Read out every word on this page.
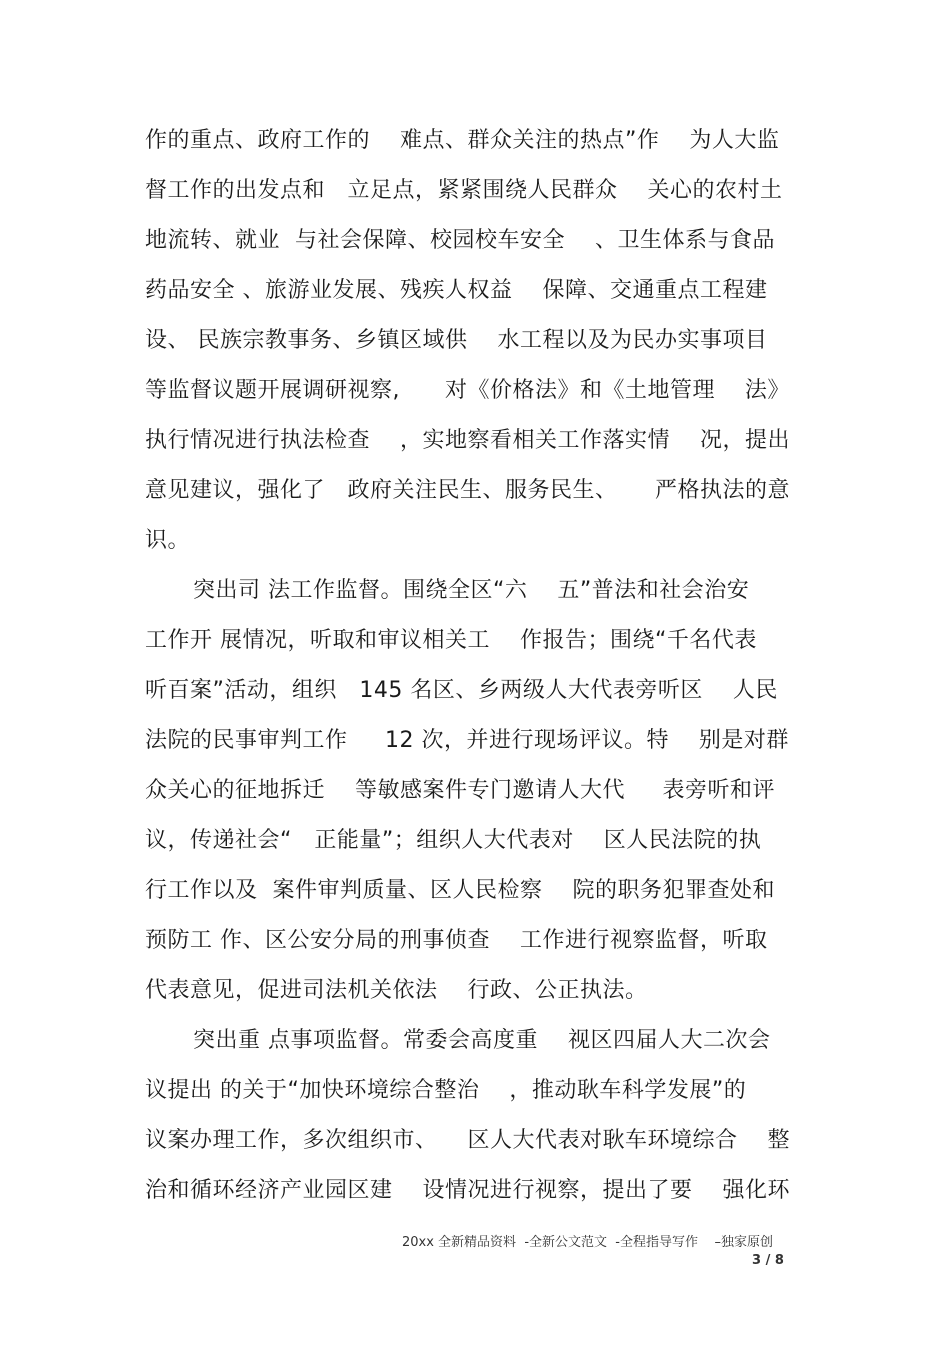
作的重点、政府工作的    难点、群众关注的热点”作    为人大监
督工作的出发点和   立足点，紧紧围绕人民群众    关心的农村土
地流转、就业  与社会保障、校园校车安全    、卫生体系与食品
药品安全 、旅游业发展、残疾人权益    保障、交通重点工程建
设、 民族宗教事务、乡镇区域供    水工程以及为民办实事项目
等监督议题开展调研视察,      对《价格法》和《土地管理    法》
执行情况进行执法检查    ，实地察看相关工作落实情    况，提出
意见建议，强化了   政府关注民生、服务民生、     严格执法的意
识。
突出司 法工作监督。围绕全区“六    五”普法和社会治安
工作开 展情况，听取和审议相关工    作报告；围绕“千名代表
听百案”活动，组织   145 名区、乡两级人大代表旁听区    人民
法院的民事审判工作     12 次，并进行现场评议。特    别是对群
众关心的征地拆迁    等敏感案件专门邀请人大代     表旁听和评
议，传递社会“   正能量”；组织人大代表对    区人民法院的执
行工作以及  案件审判质量、区人民检察    院的职务犯罪查处和
预防工 作、区公安分局的刑事侦查    工作进行视察监督，听取
代表意见，促进司法机关依法    行政、公正执法。
突出重 点事项监督。常委会高度重    视区四届人大二次会
议提出 的关于“加快环境综合整治    ，推动耿车科学发展”的
议案办理工作，多次组织市、    区人大代表对耿车环境综合    整
治和循环经济产业园区建    设情况进行视察，提出了要    强化环
20xx 全新精品资料  -全新公文范文  -全程指导写作    –独家原创
3 / 8
